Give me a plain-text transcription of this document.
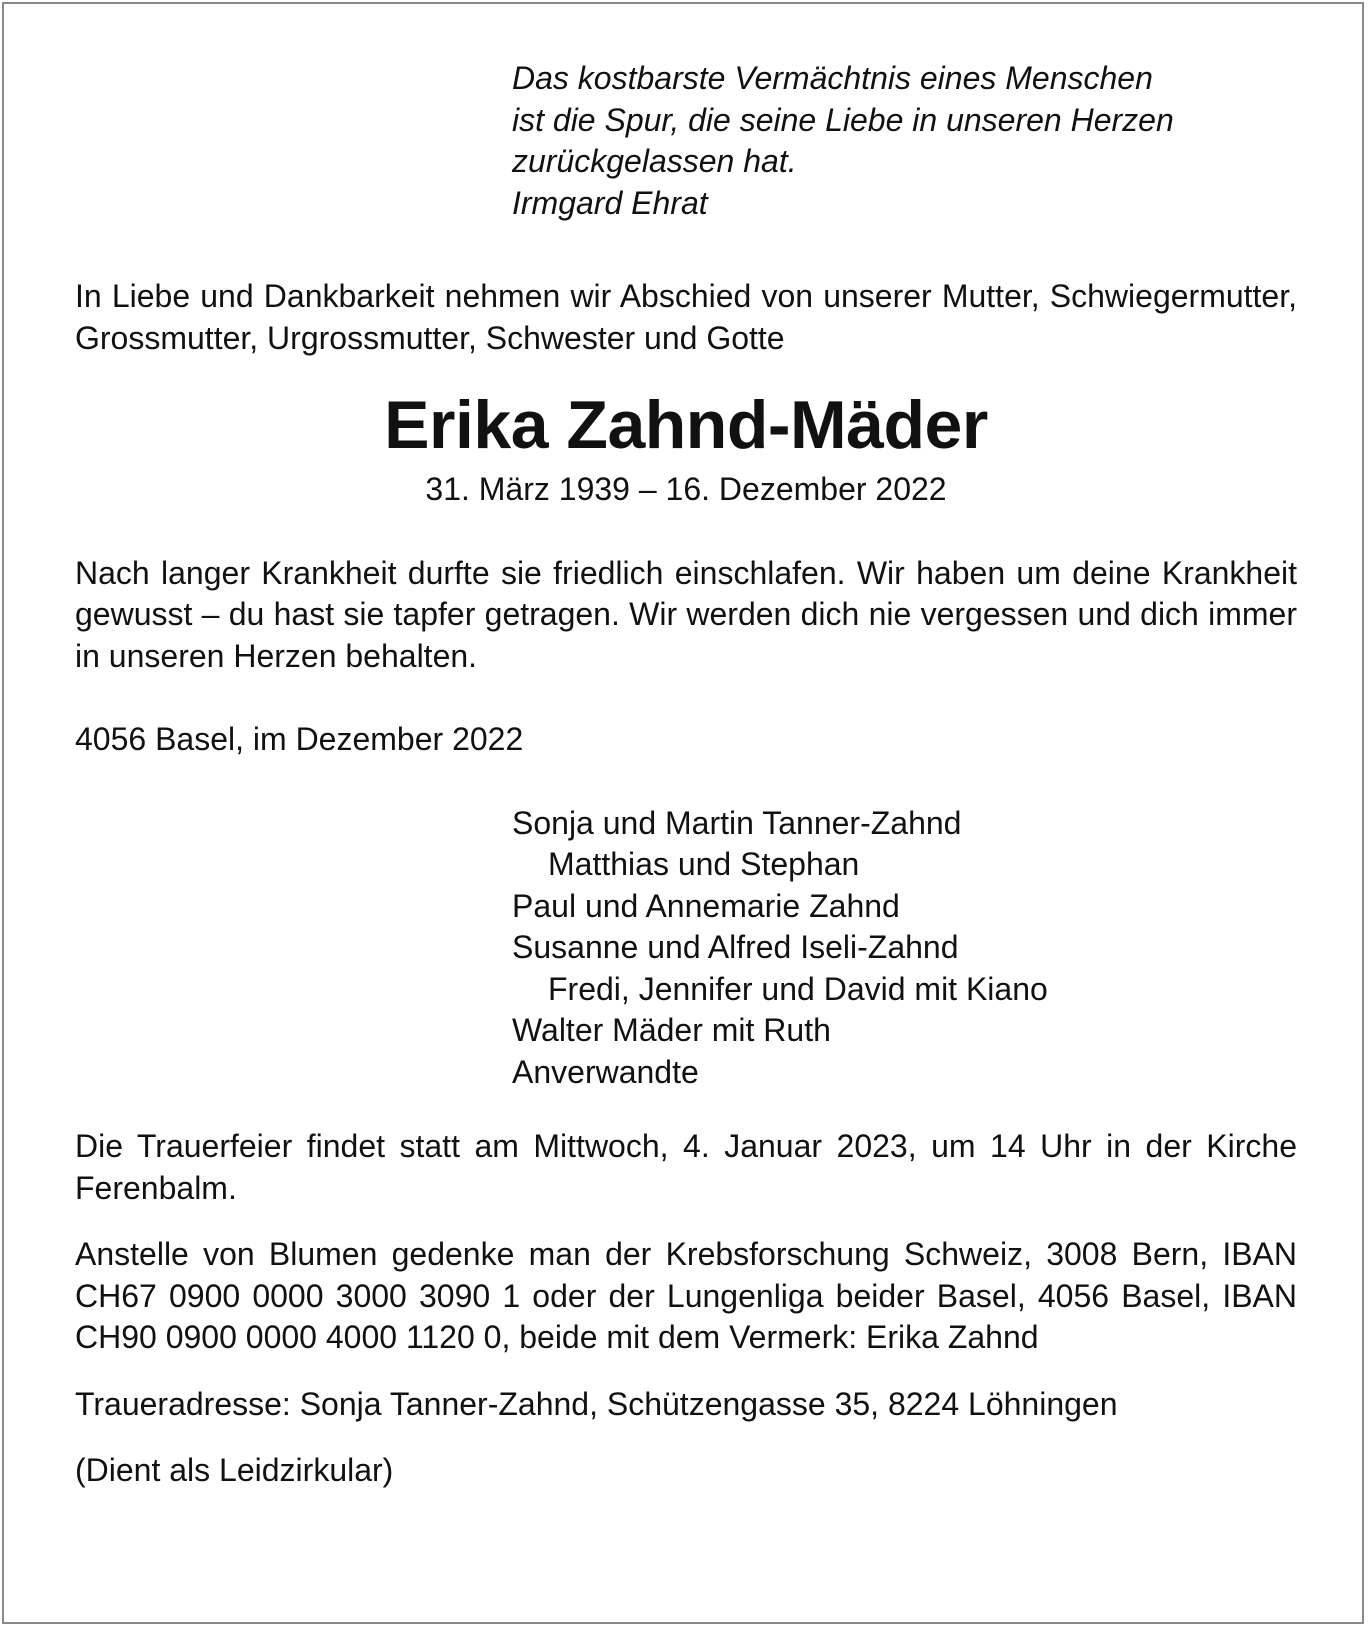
Das kostbarste Vermächtnis eines Menschen
ist die Spur, die seine Liebe in unseren Herzen
zurückgelassen hat.
Irmgard Ehrat

In Liebe und Dankbarkeit nehmen wir Abschied von unserer Mutter, Schwiegermutter, Grossmutter, Urgrossmutter, Schwester und Gotte

Erika Zahnd-Mäder

31. März 1939 – 16. Dezember 2022

Nach langer Krankheit durfte sie friedlich einschlafen. Wir haben um deine Krankheit gewusst – du hast sie tapfer getragen. Wir werden dich nie vergessen und dich immer in unseren Herzen behalten.

4056 Basel, im Dezember 2022

Sonja und Martin Tanner-Zahnd
Matthias und Stephan
Paul und Annemarie Zahnd
Susanne und Alfred Iseli-Zahnd
Fredi, Jennifer und David mit Kiano
Walter Mäder mit Ruth
Anverwandte

Die Trauerfeier findet statt am Mittwoch, 4. Januar 2023, um 14 Uhr in der Kirche Ferenbalm.

Anstelle von Blumen gedenke man der Krebsforschung Schweiz, 3008 Bern, IBAN CH67 0900 0000 3000 3090 1 oder der Lungenliga beider Basel, 4056 Basel, IBAN CH90 0900 0000 4000 1120 0, beide mit dem Vermerk: Erika Zahnd

Traueradresse: Sonja Tanner-Zahnd, Schützengasse 35, 8224 Löhningen

(Dient als Leidzirkular)
